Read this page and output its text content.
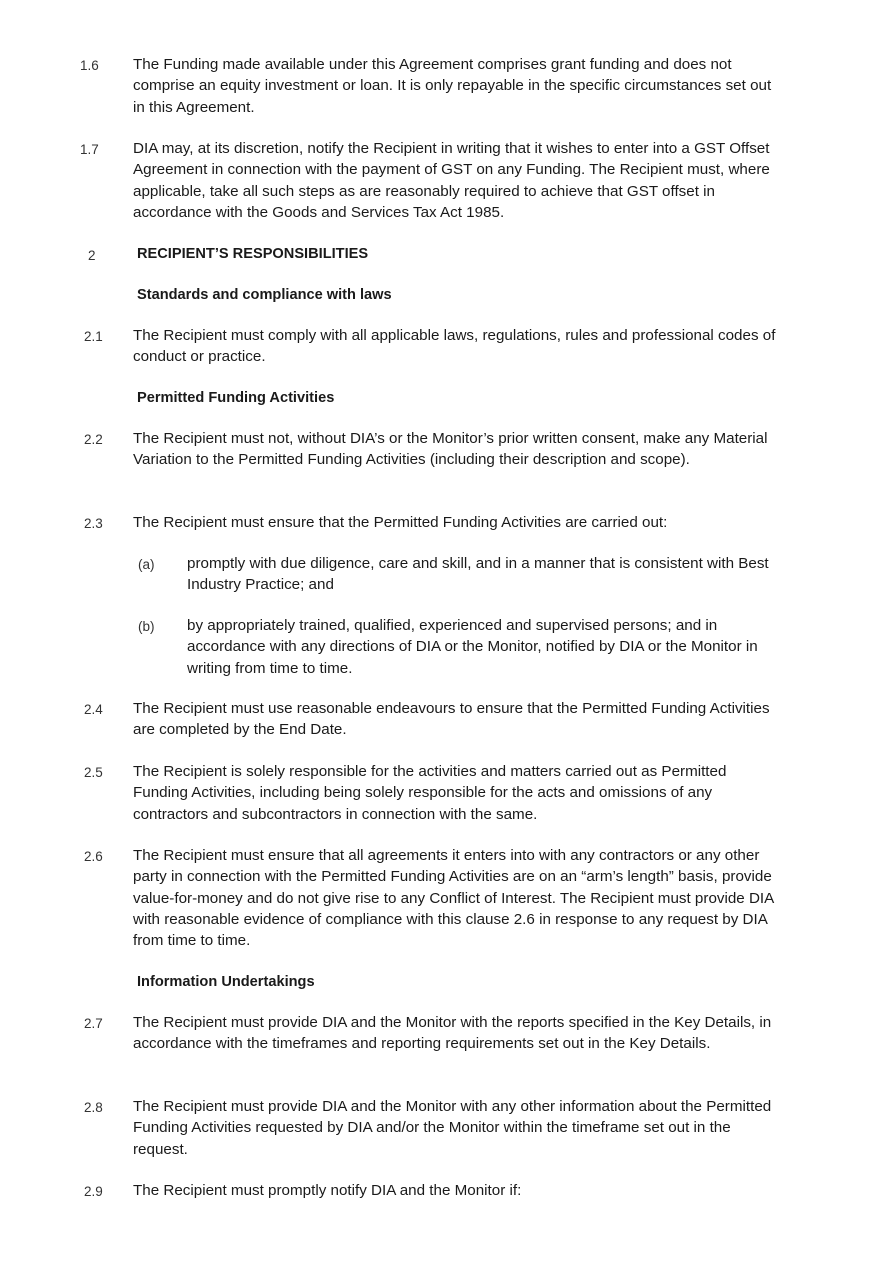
1.6	The Funding made available under this Agreement comprises grant funding and does not comprise an equity investment or loan. It is only repayable in the specific circumstances set out in this Agreement.
1.7	DIA may, at its discretion, notify the Recipient in writing that it wishes to enter into a GST Offset Agreement in connection with the payment of GST on any Funding. The Recipient must, where applicable, take all such steps as are reasonably required to achieve that GST offset in accordance with the Goods and Services Tax Act 1985.
2	RECIPIENT’S RESPONSIBILITIES
Standards and compliance with laws
2.1	The Recipient must comply with all applicable laws, regulations, rules and professional codes of conduct or practice.
Permitted Funding Activities
2.2	The Recipient must not, without DIA’s or the Monitor’s prior written consent, make any Material Variation to the Permitted Funding Activities (including their description and scope).
2.3	The Recipient must ensure that the Permitted Funding Activities are carried out:
(a) promptly with due diligence, care and skill, and in a manner that is consistent with Best Industry Practice; and
(b) by appropriately trained, qualified, experienced and supervised persons; and in accordance with any directions of DIA or the Monitor, notified by DIA or the Monitor in writing from time to time.
2.4	The Recipient must use reasonable endeavours to ensure that the Permitted Funding Activities are completed by the End Date.
2.5	The Recipient is solely responsible for the activities and matters carried out as Permitted Funding Activities, including being solely responsible for the acts and omissions of any contractors and subcontractors in connection with the same.
2.6	The Recipient must ensure that all agreements it enters into with any contractors or any other party in connection with the Permitted Funding Activities are on an “arm’s length” basis, provide value-for-money and do not give rise to any Conflict of Interest. The Recipient must provide DIA with reasonable evidence of compliance with this clause 2.6 in response to any request by DIA from time to time.
Information Undertakings
2.7	The Recipient must provide DIA and the Monitor with the reports specified in the Key Details, in accordance with the timeframes and reporting requirements set out in the Key Details.
2.8	The Recipient must provide DIA and the Monitor with any other information about the Permitted Funding Activities requested by DIA and/or the Monitor within the timeframe set out in the request.
2.9	The Recipient must promptly notify DIA and the Monitor if:
